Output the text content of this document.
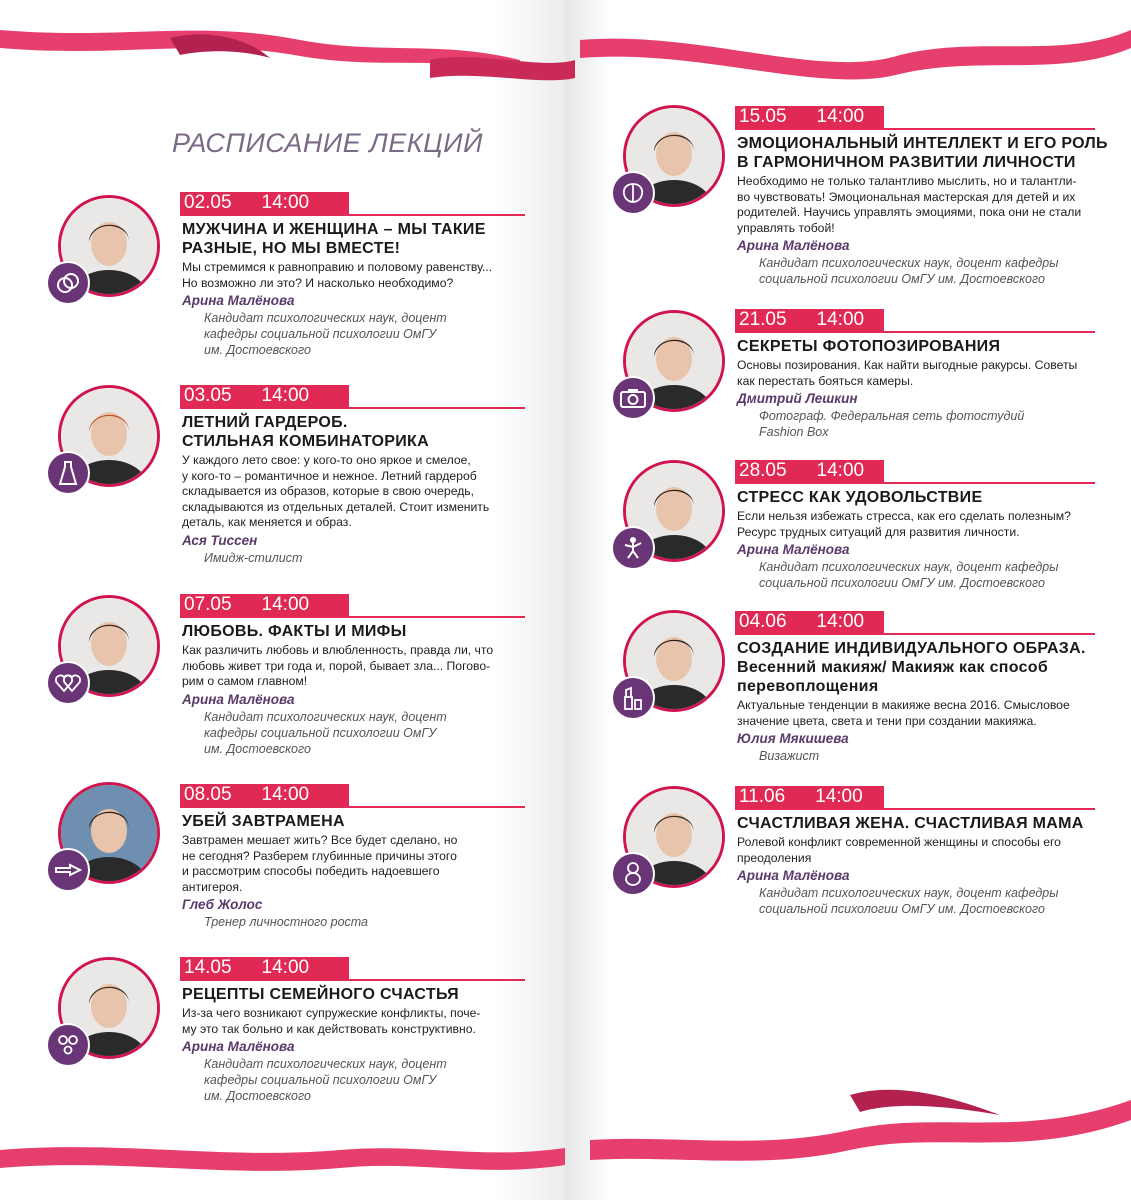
РАСПИСАНИЕ ЛЕКЦИЙ
02.05 14:00
МУЖЧИНА И ЖЕНЩИНА – МЫ ТАКИЕ
РАЗНЫЕ, НО МЫ ВМЕСТЕ!
Мы стремимся к равноправию и половому равенству...
Но возможно ли это? И насколько необходимо?
Арина Малёнова
Кандидат психологических наук, доцент
кафедры социальной психологии ОмГУ
им. Достоевского
03.05 14:00
ЛЕТНИЙ ГАРДЕРОБ.
СТИЛЬНАЯ КОМБИНАТОРИКА
У каждого лето свое: у кого-то оно яркое и смелое,
у кого-то – романтичное и нежное. Летний гардероб
складывается из образов, которые в свою очередь,
складываются из отдельных деталей. Стоит изменить
деталь, как меняется и образ.
Ася Тиссен
Имидж-стилист
07.05 14:00
ЛЮБОВЬ. ФАКТЫ И МИФЫ
Как различить любовь и влюбленность, правда ли, что
любовь живет три года и, порой, бывает зла... Погово-
рим о самом главном!
Арина Малёнова
Кандидат психологических наук, доцент
кафедры социальной психологии ОмГУ
им. Достоевского
08.05 14:00
УБЕЙ ЗАВТРАМЕНА
Завтрамен мешает жить? Все будет сделано, но
не сегодня? Разберем глубинные причины этого
и рассмотрим способы победить надоевшего
антигероя.
Глеб Жолос
Тренер личностного роста
14.05 14:00
РЕЦЕПТЫ СЕМЕЙНОГО СЧАСТЬЯ
Из-за чего возникают супружеские конфликты, поче-
му это так больно и как действовать конструктивно.
Арина Малёнова
Кандидат психологических наук, доцент
кафедры социальной психологии ОмГУ
им. Достоевского
15.05 14:00
ЭМОЦИОНАЛЬНЫЙ ИНТЕЛЛЕКТ И ЕГО РОЛЬ
В ГАРМОНИЧНОМ РАЗВИТИИ ЛИЧНОСТИ
Необходимо не только талантливо мыслить, но и талантли-
во чувствовать! Эмоциональная мастерская для детей и их
родителей. Научись управлять эмоциями, пока они не стали
управлять тобой!
Арина Малёнова
Кандидат психологических наук, доцент кафедры
социальной психологии ОмГУ им. Достоевского
21.05 14:00
СЕКРЕТЫ ФОТОПОЗИРОВАНИЯ
Основы позирования. Как найти выгодные ракурсы. Советы
как перестать бояться камеры.
Дмитрий Лешкин
Фотограф. Федеральная сеть фотостудий
Fashion Box
28.05 14:00
СТРЕСС КАК УДОВОЛЬСТВИЕ
Если нельзя избежать стресса, как его сделать полезным?
Ресурс трудных ситуаций для развития личности.
Арина Малёнова
Кандидат психологических наук, доцент кафедры
социальной психологии ОмГУ им. Достоевского
04.06 14:00
СОЗДАНИЕ ИНДИВИДУАЛЬНОГО ОБРАЗА.
Весенний макияж/ Макияж как способ
перевоплощения
Актуальные тенденции в макияже весна 2016. Смысловое
значение цвета, света и тени при создании макияжа.
Юлия Мякишева
Визажист
11.06 14:00
СЧАСТЛИВАЯ ЖЕНА. СЧАСТЛИВАЯ МАМА
Ролевой конфликт современной женщины и способы его
преодоления
Арина Малёнова
Кандидат психологических наук, доцент кафедры
социальной психологии ОмГУ им. Достоевского
